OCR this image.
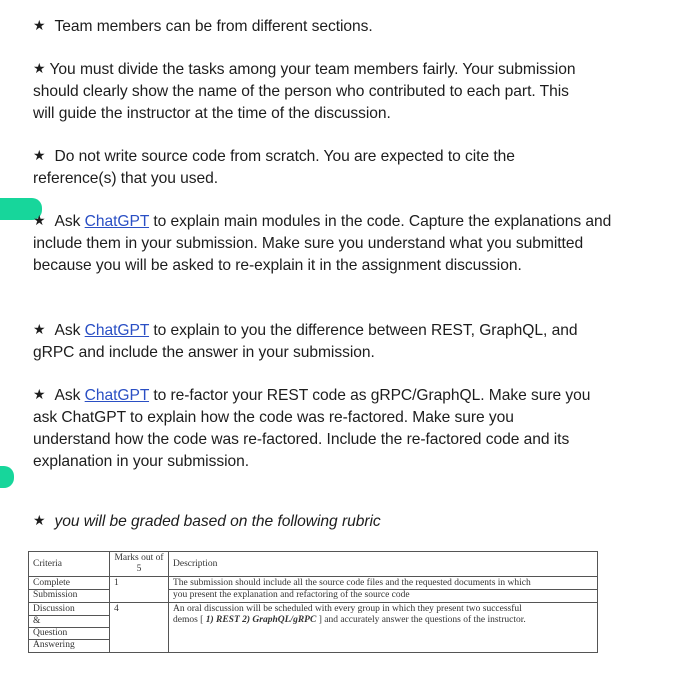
★ Team members can be from different sections.

★ You must divide the tasks among your team members fairly. Your submission should clearly show the name of the person who contributed to each part. This will guide the instructor at the time of the discussion.

★ Do not write source code from scratch. You are expected to cite the reference(s) that you used.

★ Ask ChatGPT to explain main modules in the code. Capture the explanations and include them in your submission. Make sure you understand what you submitted because you will be asked to re-explain it in the assignment discussion.

★ Ask ChatGPT to explain to you the difference between REST, GraphQL, and gRPC and include the answer in your submission.

★ Ask ChatGPT to re-factor your REST code as gRPC/GraphQL. Make sure you ask ChatGPT to explain how the code was re-factored. Make sure you understand how the code was re-factored. Include the re-factored code and its explanation in your submission.

★ you will be graded based on the following rubric

Criteria	Marks out of 5	Description

Complete
Submission	1	The submission should include all the source code files and the requested documents in which
you present the explanation and refactoring of the source code

Discussion
&
Question
Answering	4	An oral discussion will be scheduled with every group in which they present two successful
demos [ 1) REST 2) GraphQL/gRPC ] and accurately answer the questions of the instructor.
